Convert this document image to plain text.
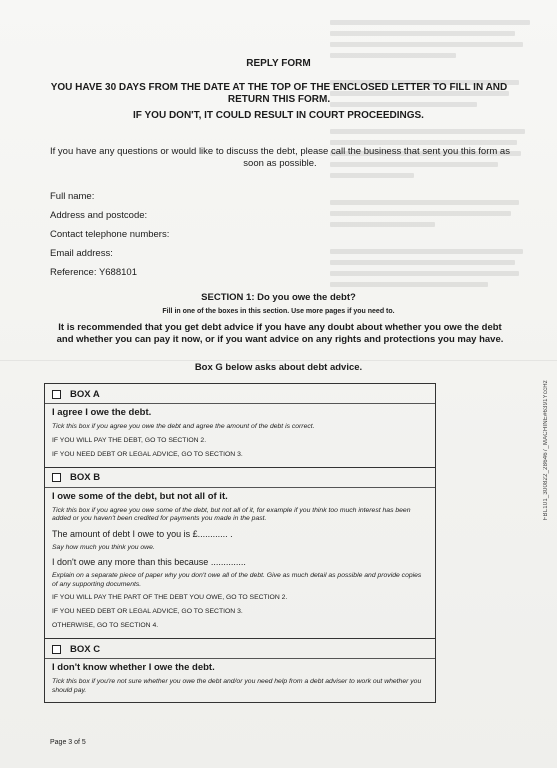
REPLY FORM
YOU HAVE 30 DAYS FROM THE DATE AT THE TOP OF THE ENCLOSED LETTER TO FILL IN AND RETURN THIS FORM.
IF YOU DON'T, IT COULD RESULT IN COURT PROCEEDINGS.
If you have any questions or would like to discuss the debt, please call the business that sent you this form as soon as possible.
Full name:
Address and postcode:
Contact telephone numbers:
Email address:
Reference: Y688101
SECTION 1: Do you owe the debt?
Fill in one of the boxes in this section. Use more pages if you need to.
It is recommended that you get debt advice if you have any doubt about whether you owe the debt and whether you can pay it now, or if you want advice on any rights and protections you may have.
Box G below asks about debt advice.
BOX A
I agree I owe the debt.
Tick this box if you agree you owe the debt and agree the amount of the debt is correct.
IF YOU WILL PAY THE DEBT, GO TO SECTION 2.
IF YOU NEED DEBT OR LEGAL ADVICE, GO TO SECTION 3.
BOX B
I owe some of the debt, but not all of it.
Tick this box if you agree you owe some of the debt, but not all of it, for example if you think too much interest has been added or you haven't been credited for payments you made in the past.
The amount of debt I owe to you is £............ .
Say how much you think you owe.
I don't owe any more than this because ..............
Explain on a separate piece of paper why you don't owe all of the debt. Give as much detail as possible and provide copies of any supporting documents.
IF YOU WILL PAY THE PART OF THE DEBT YOU OWE, GO TO SECTION 2.
IF YOU NEED DEBT OR LEGAL ADVICE, GO TO SECTION 3.
OTHERWISE, GO TO SECTION 4.
BOX C
I don't know whether I owe the debt.
Tick this box if you're not sure whether you owe the debt and/or you need help from a debt adviser to work out whether you should pay.
Page 3 of 5
FBL101_300822_286467_MACHINE#6391YccHz
